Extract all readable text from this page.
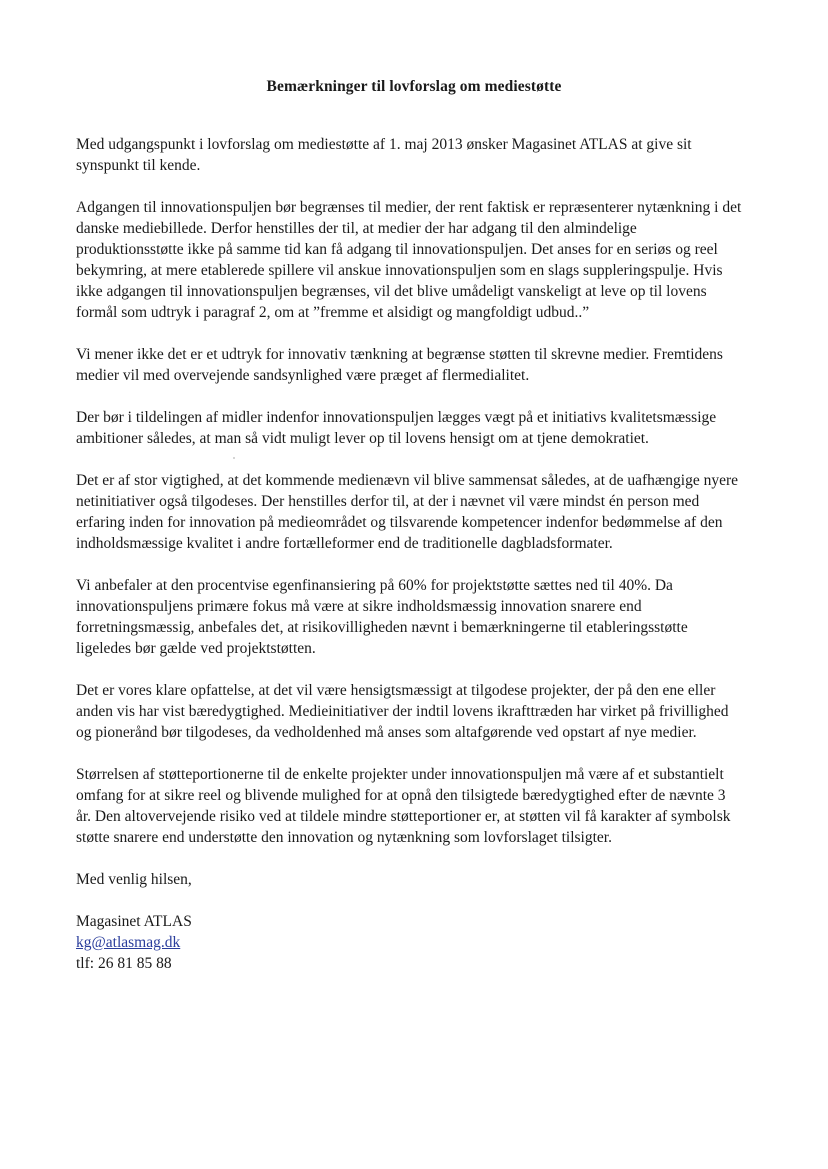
Bemærkninger til lovforslag om mediestøtte

Med udgangspunkt i lovforslag om mediestøtte af 1. maj 2013 ønsker Magasinet ATLAS at give sit synspunkt til kende.

Adgangen til innovationspuljen bør begrænses til medier, der rent faktisk er repræsenterer nytænkning i det danske mediebillede. Derfor henstilles der til, at medier der har adgang til den almindelige produktionsstøtte ikke på samme tid kan få adgang til innovationspuljen. Det anses for en seriøs og reel bekymring, at mere etablerede spillere vil anskue innovationspuljen som en slags suppleringspulje. Hvis ikke adgangen til innovationspuljen begrænses, vil det blive umådeligt vanskeligt at leve op til lovens formål som udtryk i paragraf 2, om at ”fremme et alsidigt og mangfoldigt udbud..”

Vi mener ikke det er et udtryk for innovativ tænkning at begrænse støtten til skrevne medier. Fremtidens medier vil med overvejende sandsynlighed være præget af flermedialitet.

Der bør i tildelingen af midler indenfor innovationspuljen lægges vægt på et initiativs kvalitetsmæssige ambitioner således, at man så vidt muligt lever op til lovens hensigt om at tjene demokratiet.

Det er af stor vigtighed, at det kommende medienævn vil blive sammensat således, at de uafhængige nyere netinitiativer også tilgodeses. Der henstilles derfor til, at der i nævnet vil være mindst én person med erfaring inden for innovation på medieområdet og tilsvarende kompetencer indenfor bedømmelse af den indholdsmæssige kvalitet i andre fortælleformer end de traditionelle dagbladsformater.

Vi anbefaler at den procentvise egenfinansiering på 60% for projektstøtte sættes ned til 40%. Da innovationspuljens primære fokus må være at sikre indholdsmæssig innovation snarere end forretningsmæssig, anbefales det, at risikovilligheden nævnt i bemærkningerne til etableringsstøtte ligeledes bør gælde ved projektstøtten.

Det er vores klare opfattelse, at det vil være hensigtsmæssigt at tilgodese projekter, der på den ene eller anden vis har vist bæredygtighed. Medieinitiativer der indtil lovens ikrafttræden har virket på frivillighed og pionerånd bør tilgodeses, da vedholdenhed må anses som altafgørende ved opstart af nye medier.

Størrelsen af støtteportionerne til de enkelte projekter under innovationspuljen må være af et substantielt omfang for at sikre reel og blivende mulighed for at opnå den tilsigtede bæredygtighed efter de nævnte 3 år. Den altovervejende risiko ved at tildele mindre støtteportioner er, at støtten vil få karakter af symbolsk støtte snarere end understøtte den innovation og nytænkning som lovforslaget tilsigter.

Med venlig hilsen,

Magasinet ATLAS
kg@atlasmag.dk
tlf: 26 81 85 88
